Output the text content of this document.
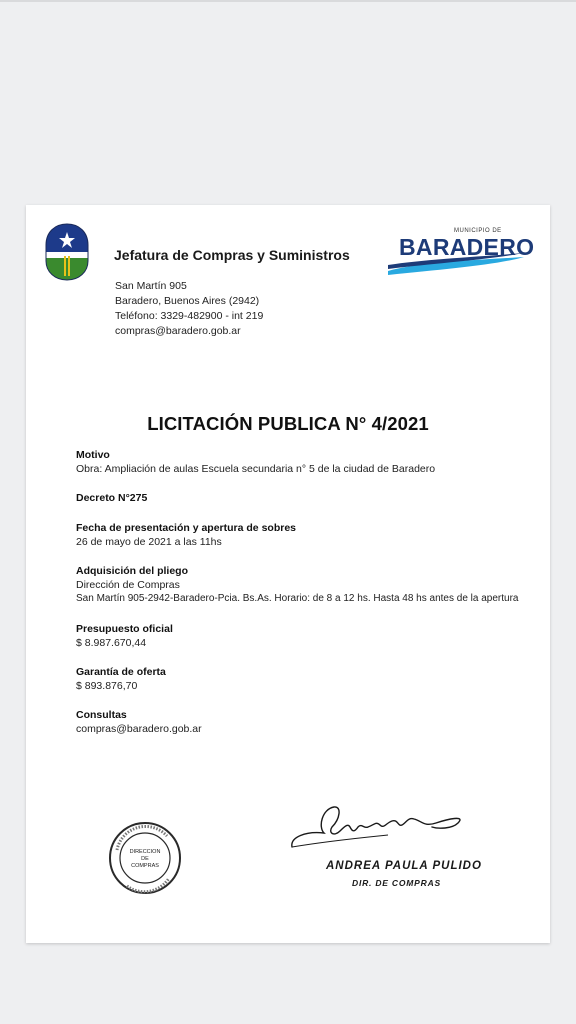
Jefatura de Compras y Suministros
MUNICIPIO DE
BARADERO
San Martín 905
Baradero, Buenos Aires (2942)
Teléfono: 3329-482900 - int 219
compras@baradero.gob.ar
LICITACIÓN PUBLICA N° 4/2021
Motivo
Obra: Ampliación de aulas Escuela secundaria n° 5 de la ciudad de Baradero
Decreto N°275
Fecha de presentación y apertura de sobres
26 de mayo de 2021 a las 11hs
Adquisición del pliego
Dirección de Compras
San Martín 905-2942-Baradero-Pcia. Bs.As. Horario: de 8 a 12 hs. Hasta 48 hs antes de la apertura
Presupuesto oficial
$ 8.987.670,44
Garantía de oferta
$ 893.876,70
Consultas
compras@baradero.gob.ar
DIRECCION
DE
COMPRAS	ANDREA PAULA PULIDO
DIR. DE COMPRAS
